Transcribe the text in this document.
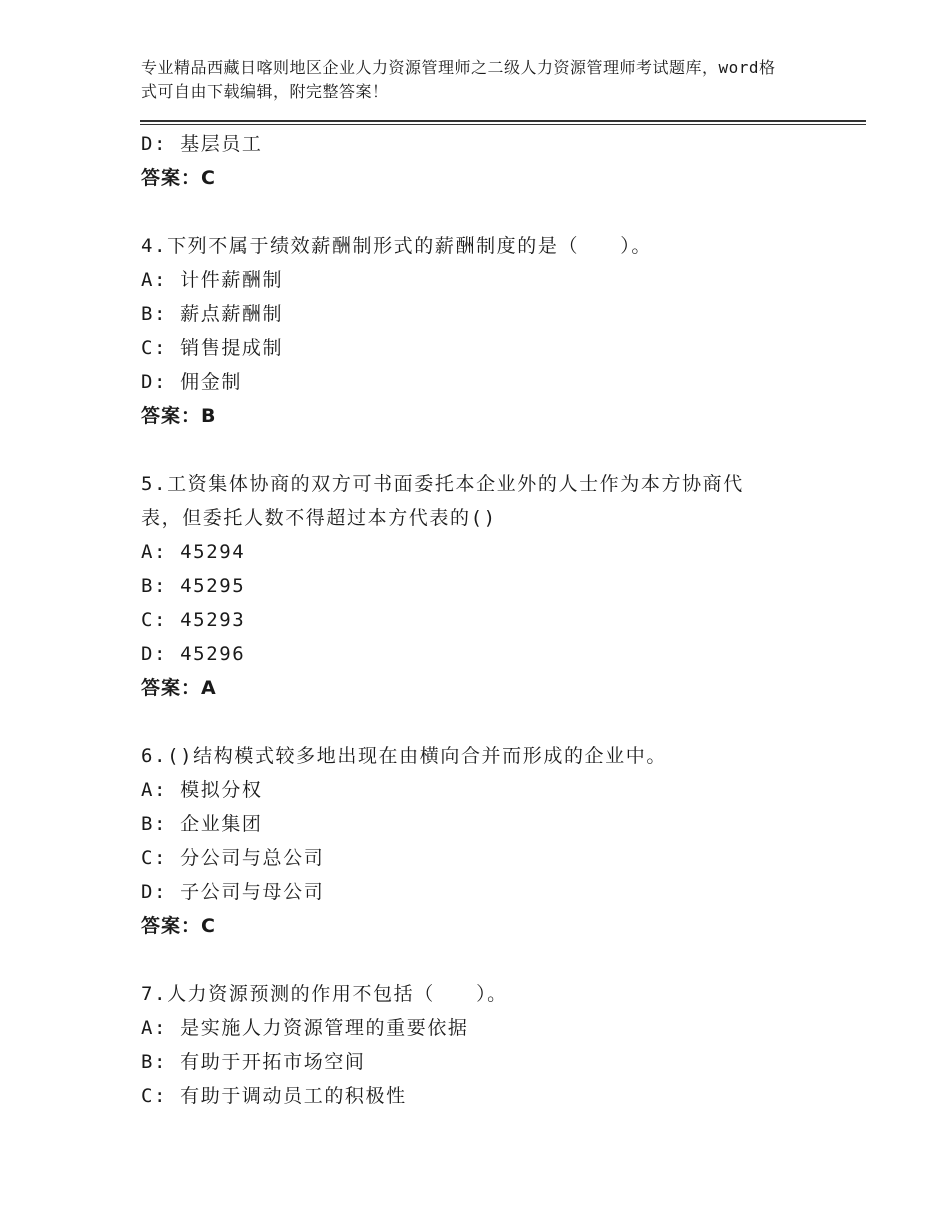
专业精品西藏日喀则地区企业人力资源管理师之二级人力资源管理师考试题库，word格式可自由下载编辑，附完整答案！
D: 基层员工
答案：C
4.下列不属于绩效薪酬制形式的薪酬制度的是（　　）。
A: 计件薪酬制
B: 薪点薪酬制
C: 销售提成制
D: 佣金制
答案：B
5.工资集体协商的双方可书面委托本企业外的人士作为本方协商代表，但委托人数不得超过本方代表的()
A: 45294
B: 45295
C: 45293
D: 45296
答案：A
6.()结构模式较多地出现在由横向合并而形成的企业中。
A: 模拟分权
B: 企业集团
C: 分公司与总公司
D: 子公司与母公司
答案：C
7.人力资源预测的作用不包括（　　）。
A: 是实施人力资源管理的重要依据
B: 有助于开拓市场空间
C: 有助于调动员工的积极性
